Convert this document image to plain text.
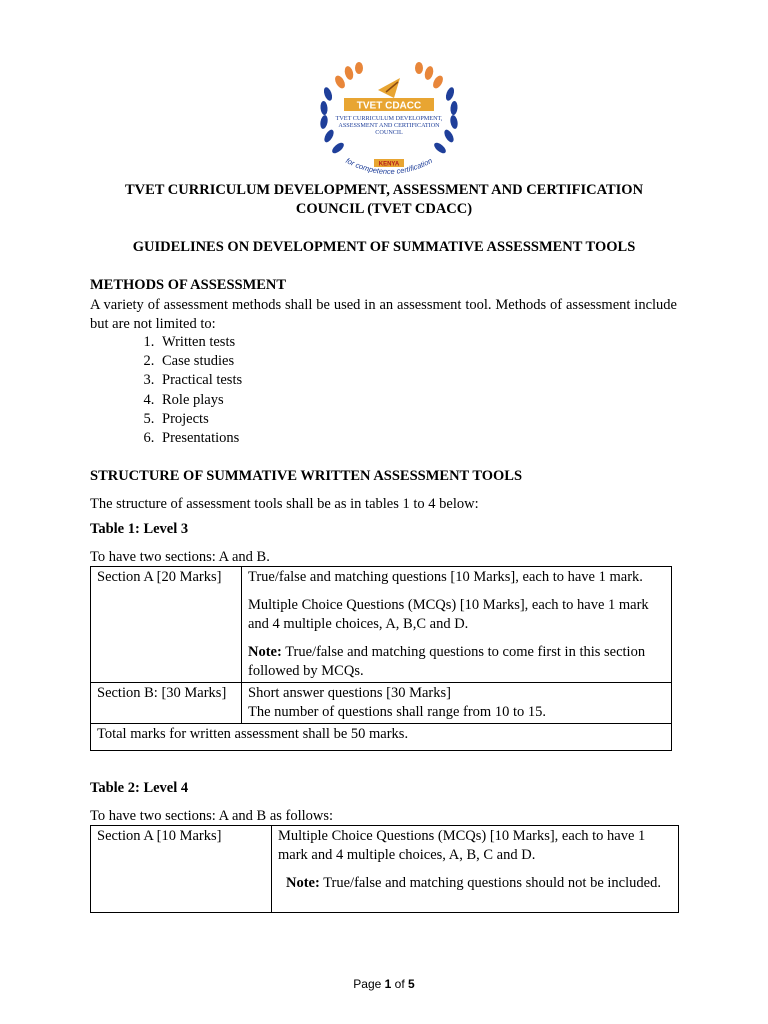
TVET CDACC
TVET CURRICULUM DEVELOPMENT,
ASSESSMENT AND CERTIFICATION
COUNCIL
KENYA
for competence certification
TVET CURRICULUM DEVELOPMENT, ASSESSMENT AND CERTIFICATION
COUNCIL (TVET CDACC)
GUIDELINES ON DEVELOPMENT OF SUMMATIVE ASSESSMENT TOOLS
METHODS OF ASSESSMENT
A variety of assessment methods shall be used in an assessment tool. Methods of assessment include but are not limited to:
1. Written tests
2. Case studies
3. Practical tests
4. Role plays
5. Projects
6. Presentations
STRUCTURE OF SUMMATIVE WRITTEN ASSESSMENT TOOLS
The structure of assessment tools shall be as in tables 1 to 4 below:
Table 1: Level 3
To have two sections: A and B.
Section A [20 Marks]	True/false and matching questions [10 Marks], each to have 1 mark.

Multiple Choice Questions (MCQs) [10 Marks], each to have 1 mark and 4 multiple choices, A, B,C and D.

Note: True/false and matching questions to come first in this section followed by MCQs.

Section B: [30 Marks]	Short answer questions [30 Marks]
The number of questions shall range from 10 to 15.

Total marks for written assessment shall be 50 marks.	
Table 2: Level 4
To have two sections: A and B as follows:
Section A [10 Marks]	Multiple Choice Questions (MCQs) [10 Marks], each to have 1 mark and 4 multiple choices, A, B, C and D.

Note: True/false and matching questions should not be included.

Page 1 of 5
